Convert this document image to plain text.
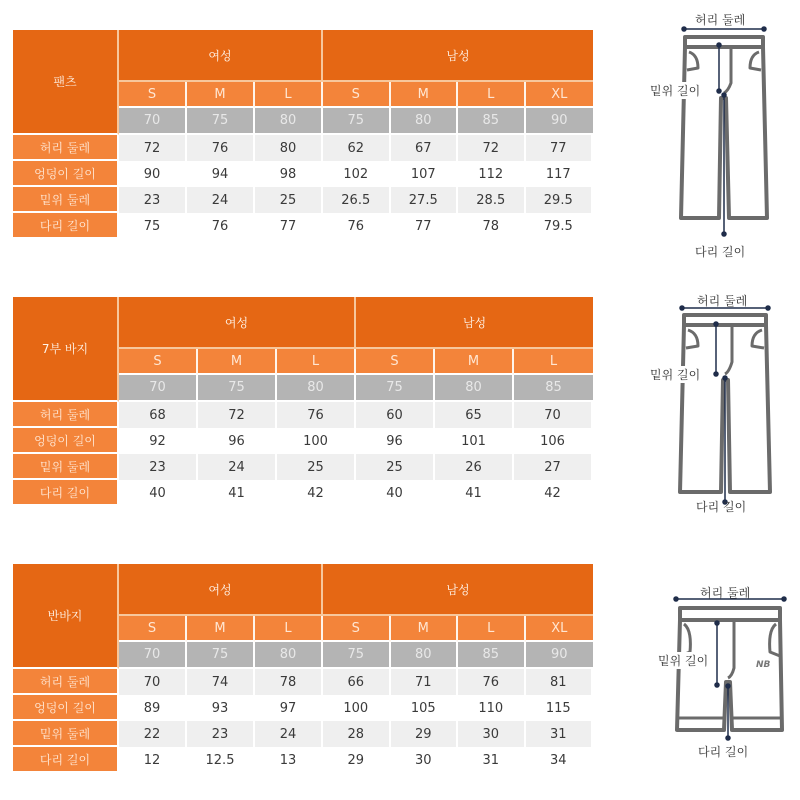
팬츠	여성			남성			
	S	M	L	S	M	L	XL
	70	75	80	75	80	85	90
허리 둘레	72	76	80	62	67	72	77
엉덩이 길이	90	94	98	102	107	112	117
밑위 둘레	23	24	25	26.5	27.5	28.5	29.5
다리 길이	75	76	77	76	77	78	79.5
7부 바지	여성			남성		
	S	M	L	S	M	L
	70	75	80	75	80	85
허리 둘레	68	72	76	60	65	70
엉덩이 길이	92	96	100	96	101	106
밑위 둘레	23	24	25	25	26	27
다리 길이	40	41	42	40	41	42
반바지	여성			남성			
	S	M	L	S	M	L	XL
	70	75	80	75	80	85	90
허리 둘레	70	74	78	66	71	76	81
엉덩이 길이	89	93	97	100	105	110	115
밑위 둘레	22	23	24	28	29	30	31
다리 길이	12	12.5	13	29	30	31	34
허리 둘레
밑위 길이
다리 길이
허리 둘레
밑위 길이
다리 길이
NB
허리 둘레
밑위 길이
다리 길이
